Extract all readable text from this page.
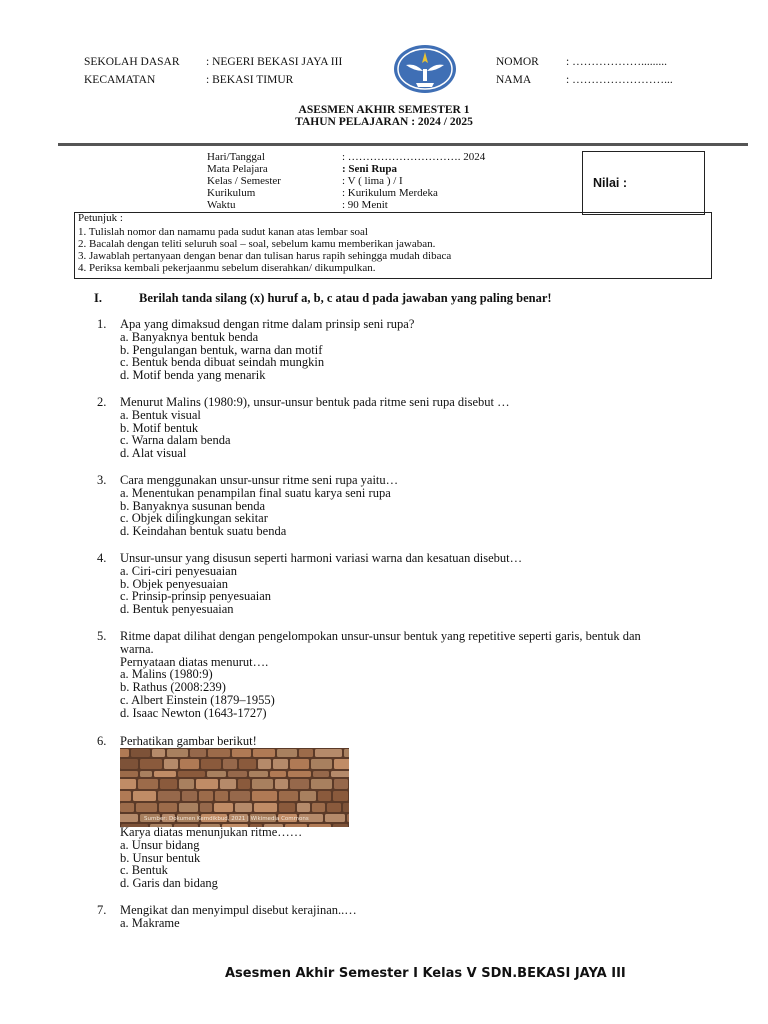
SEKOLAH DASAR
KECAMATAN
: NEGERI BEKASI JAYA III
: BEKASI TIMUR
NOMOR
NAMA
: ……………….........
: ……………………...
ASESMEN AKHIR SEMESTER 1
TAHUN PELAJARAN : 2024 / 2025
Hari/Tanggal
Mata Pelajara
Kelas / Semester
Kurikulum
Waktu
: …………………………. 2024
: Seni Rupa
: V ( lima ) / I
: Kurikulum Merdeka
: 90 Menit
Nilai :
Petunjuk :
1. Tulislah nomor dan namamu pada sudut kanan atas lembar soal
2. Bacalah dengan teliti seluruh soal – soal, sebelum kamu memberikan jawaban.
3. Jawablah pertanyaan dengan benar dan tulisan harus rapih sehingga mudah dibaca
4. Periksa kembali pekerjaanmu sebelum diserahkan/ dikumpulkan.
I.	Berilah tanda silang (x) huruf a, b, c atau d pada jawaban yang paling benar!
1. Apa yang dimaksud dengan ritme dalam prinsip seni rupa?
a. Banyaknya bentuk benda
b. Pengulangan bentuk, warna dan motif
c. Bentuk benda dibuat seindah mungkin
d. Motif benda yang menarik
2. Menurut Malins (1980:9), unsur-unsur bentuk pada ritme seni rupa disebut …
a. Bentuk visual
b. Motif bentuk
c. Warna dalam benda
d. Alat visual
3. Cara menggunakan unsur-unsur ritme seni rupa yaitu…
a. Menentukan penampilan final suatu karya seni rupa
b. Banyaknya susunan benda
c. Objek dilingkungan sekitar
d. Keindahan bentuk suatu benda
4. Unsur-unsur yang disusun seperti harmoni variasi warna dan kesatuan disebut…
a. Ciri-ciri penyesuaian
b. Objek penyesuaian
c. Prinsip-prinsip penyesuaian
d. Bentuk penyesuaian
5. Ritme dapat dilihat dengan pengelompokan unsur-unsur bentuk yang repetitive seperti garis, bentuk dan
warna.
Pernyataan diatas menurut….
a. Malins (1980:9)
b. Rathus (2008:239)
c. Albert Einstein (1879–1955)
d. Isaac Newton (1643-1727)
6. Perhatikan gambar berikut!
Sumber: Dokumen Kemdikbud, 2021 | Wikimedia Commons
Karya diatas menunjukan ritme……
a. Unsur bidang
b. Unsur bentuk
c. Bentuk
d. Garis dan bidang
7. Mengikat dan menyimpul disebut kerajinan..…
a. Makrame
Asesmen Akhir Semester I Kelas V SDN.BEKASI JAYA III
